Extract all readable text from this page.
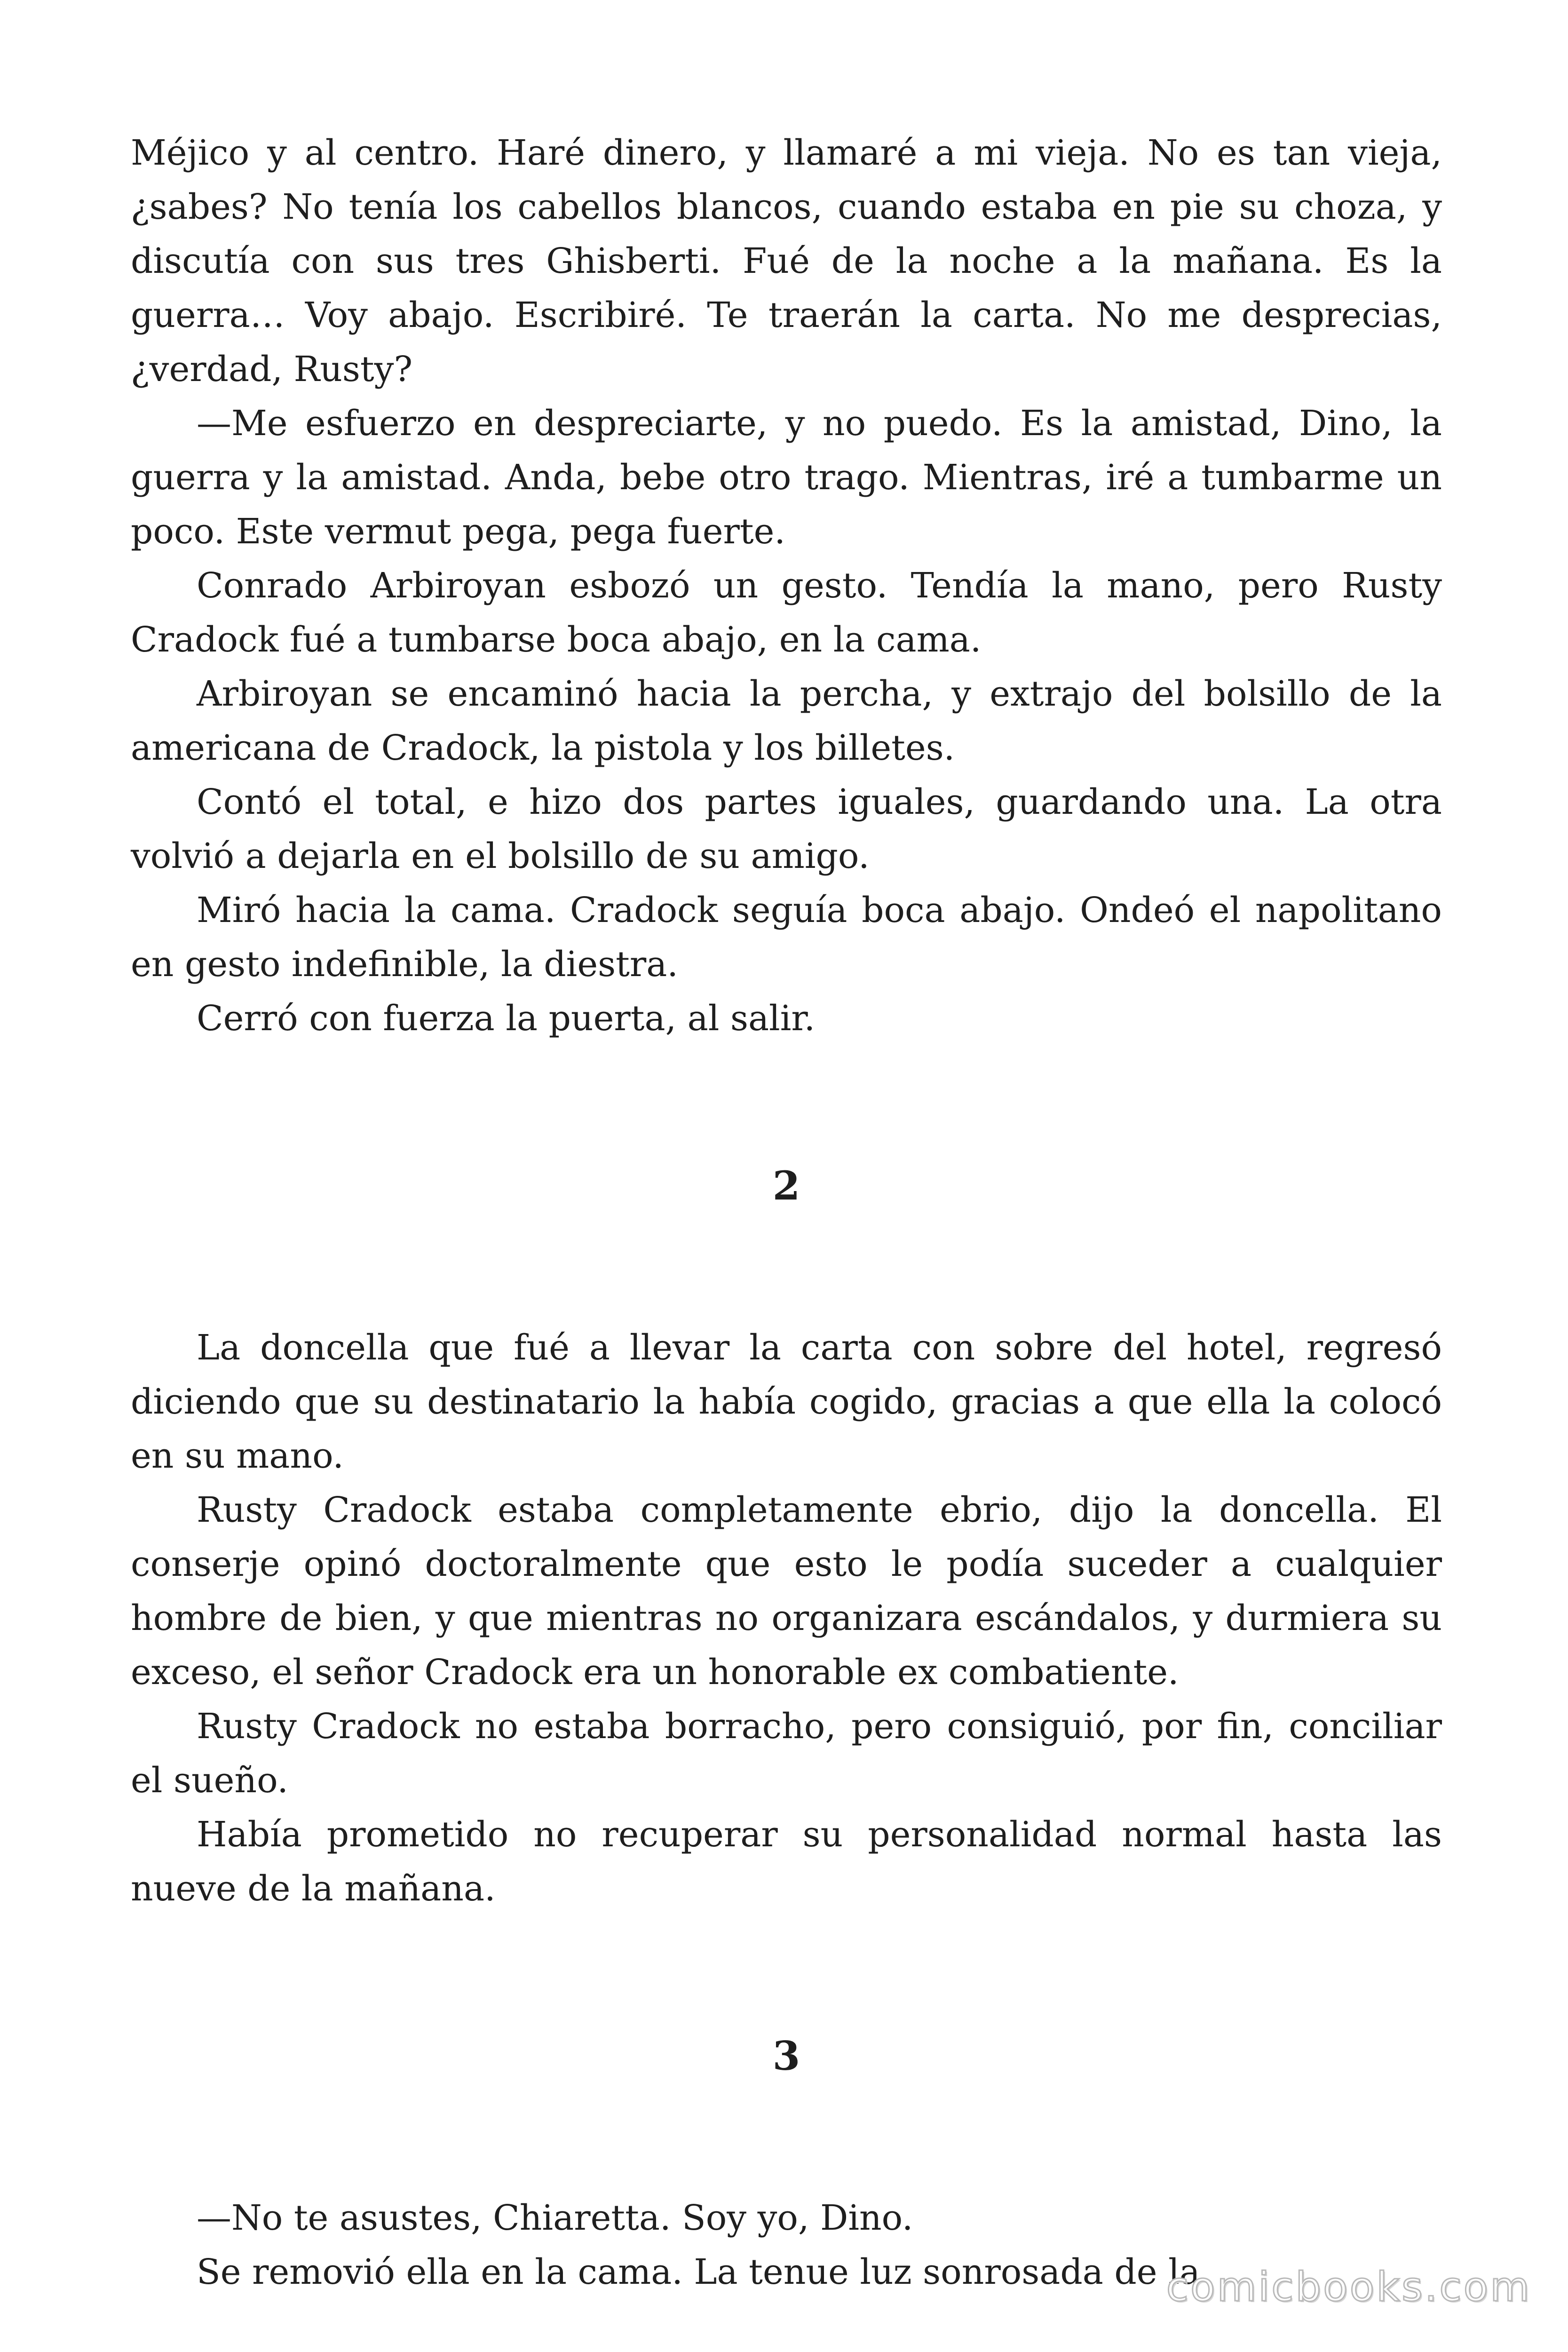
Méjico y al centro. Haré dinero, y llamaré a mi vieja. No es tan vieja, ¿sabes? No tenía los cabellos blancos, cuando estaba en pie su choza, y discutía con sus tres Ghisberti. Fué de la noche a la mañana. Es la guerra… Voy abajo. Escribiré. Te traerán la carta. No me desprecias, ¿verdad, Rusty?

—Me esfuerzo en despreciarte, y no puedo. Es la amistad, Dino, la guerra y la amistad. Anda, bebe otro trago. Mientras, iré a tumbarme un poco. Este vermut pega, pega fuerte.

Conrado Arbiroyan esbozó un gesto. Tendía la mano, pero Rusty Cradock fué a tumbarse boca abajo, en la cama.

Arbiroyan se encaminó hacia la percha, y extrajo del bolsillo de la americana de Cradock, la pistola y los billetes.

Contó el total, e hizo dos partes iguales, guardando una. La otra volvió a dejarla en el bolsillo de su amigo.

Miró hacia la cama. Cradock seguía boca abajo. Ondeó el napolitano en gesto indefinible, la diestra.

Cerró con fuerza la puerta, al salir.

2

La doncella que fué a llevar la carta con sobre del hotel, regresó diciendo que su destinatario la había cogido, gracias a que ella la colocó en su mano.

Rusty Cradock estaba completamente ebrio, dijo la doncella. El conserje opinó doctoralmente que esto le podía suceder a cualquier hombre de bien, y que mientras no organizara escándalos, y durmiera su exceso, el señor Cradock era un honorable ex combatiente.

Rusty Cradock no estaba borracho, pero consiguió, por fin, conciliar el sueño.

Había prometido no recuperar su personalidad normal hasta las nueve de la mañana.

3

—No te asustes, Chiaretta. Soy yo, Dino.

Se removió ella en la cama. La tenue luz sonrosada de la

comicbooks.com
